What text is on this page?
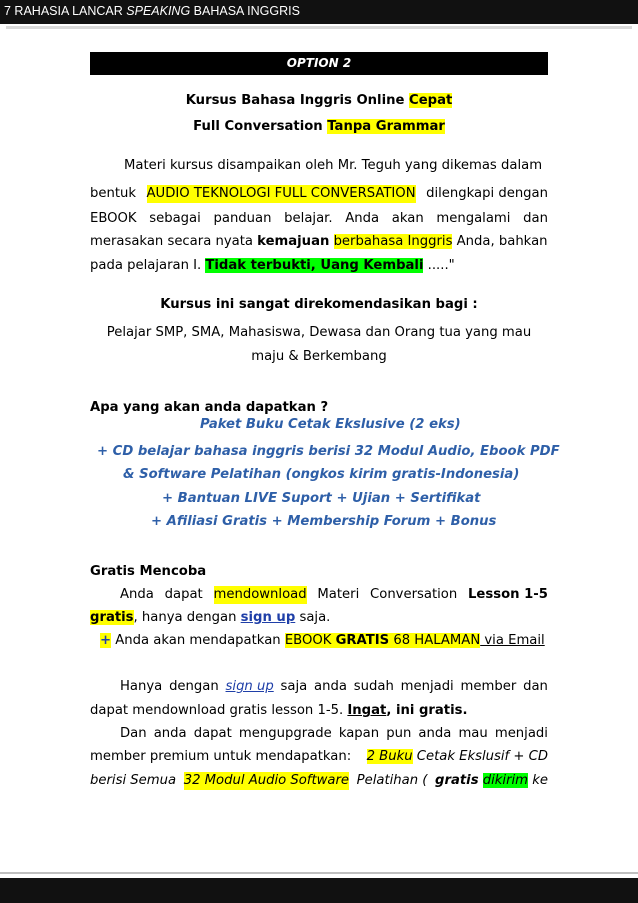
7 RAHASIA LANCAR SPEAKING BAHASA INGGRIS
OPTION 2
Kursus Bahasa Inggris Online Cepat
Full Conversation Tanpa Grammar
Materi kursus disampaikan oleh Mr. Teguh yang dikemas dalam
bentuk AUDIO TEKNOLOGI FULL CONVERSATION dilengkapi dengan
EBOOK sebagai panduan belajar. Anda akan mengalami dan
merasakan secara nyata kemajuan berbahasa Inggris Anda, bahkan
pada pelajaran I. Tidak terbukti, Uang Kembali ....."
Kursus ini sangat direkomendasikan bagi :
Pelajar SMP, SMA, Mahasiswa, Dewasa dan Orang tua yang mau
maju & Berkembang
Apa yang akan anda dapatkan ?
Paket Buku Cetak Ekslusive (2 eks)
+ CD belajar bahasa inggris berisi 32 Modul Audio, Ebook PDF
& Software Pelatihan (ongkos kirim gratis-Indonesia)
+ Bantuan LIVE Suport + Ujian + Sertifikat
+ Afiliasi Gratis + Membership Forum + Bonus
Gratis Mencoba
Anda dapat mendownload Materi Conversation Lesson 1-5
gratis, hanya dengan sign up saja.
+ Anda akan mendapatkan EBOOK GRATIS 68 HALAMAN via Email
Hanya dengan sign up saja anda sudah menjadi member dan
dapat mendownload gratis lesson 1-5. Ingat, ini gratis.
Dan anda dapat mengupgrade kapan pun anda mau menjadi
member premium untuk mendapatkan: 2 Buku Cetak Ekslusif + CD
berisi Semua 32 Modul Audio Software Pelatihan ( gratis dikirim ke
